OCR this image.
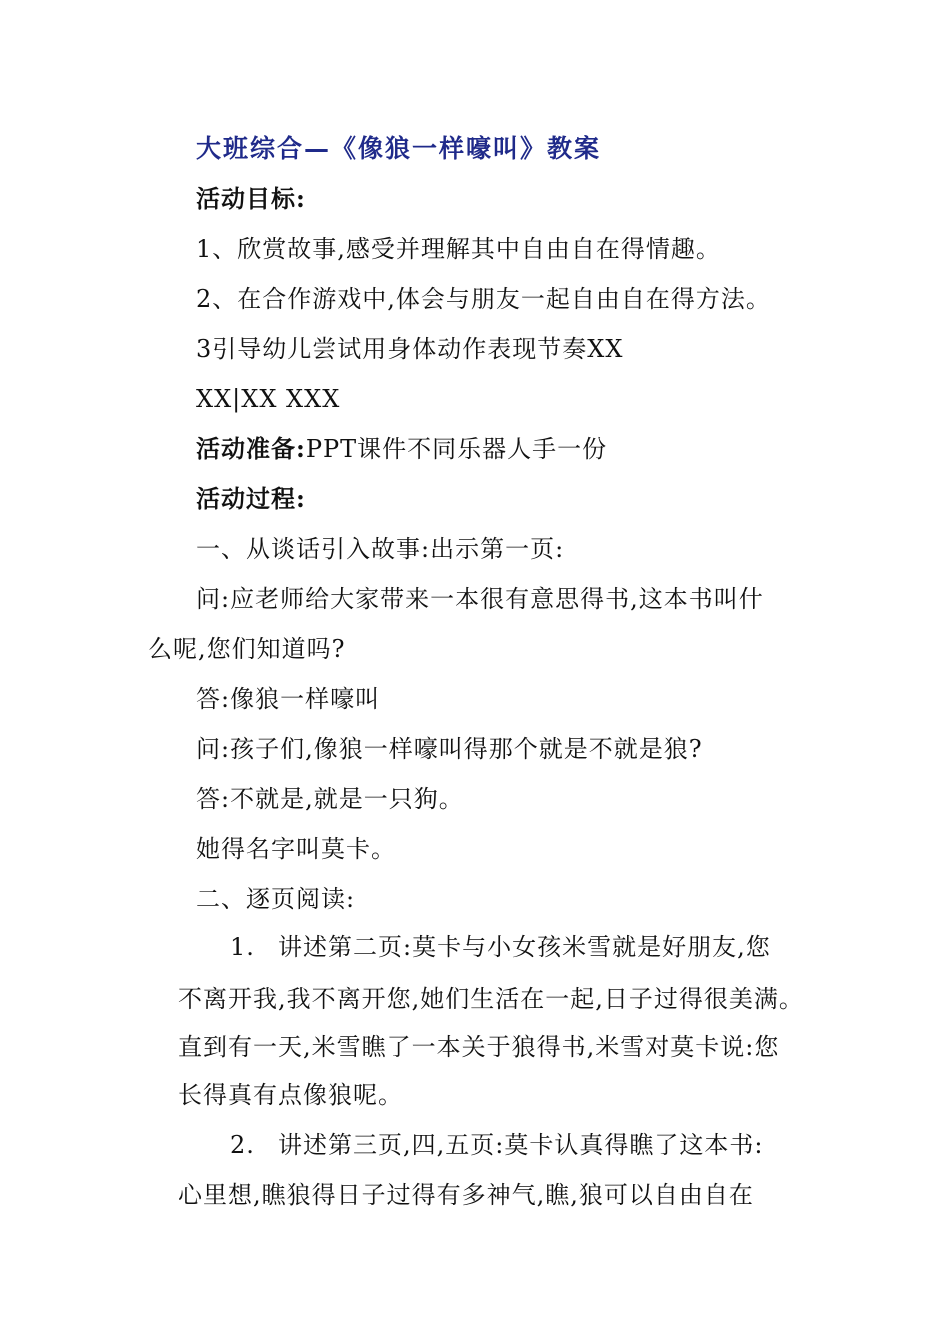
大班综合—《像狼一样嚎叫》教案
活动目标:
1、欣赏故事,感受并理解其中自由自在得情趣。
2、在合作游戏中,体会与朋友一起自由自在得方法。
3引导幼儿尝试用身体动作表现节奏XX
XX|XX XXX
活动准备:PPT课件不同乐器人手一份
活动过程:
一、从谈话引入故事:出示第一页:
问:应老师给大家带来一本很有意思得书,这本书叫什
么呢,您们知道吗?
答:像狼一样嚎叫
问:孩子们,像狼一样嚎叫得那个就是不就是狼?
答:不就是,就是一只狗。
她得名字叫莫卡。
二、逐页阅读:
1. 讲述第二页:莫卡与小女孩米雪就是好朋友,您
不离开我,我不离开您,她们生活在一起,日子过得很美满。
直到有一天,米雪瞧了一本关于狼得书,米雪对莫卡说:您
长得真有点像狼呢。
2. 讲述第三页,四,五页:莫卡认真得瞧了这本书:
心里想,瞧狼得日子过得有多神气,瞧,狼可以自由自在
